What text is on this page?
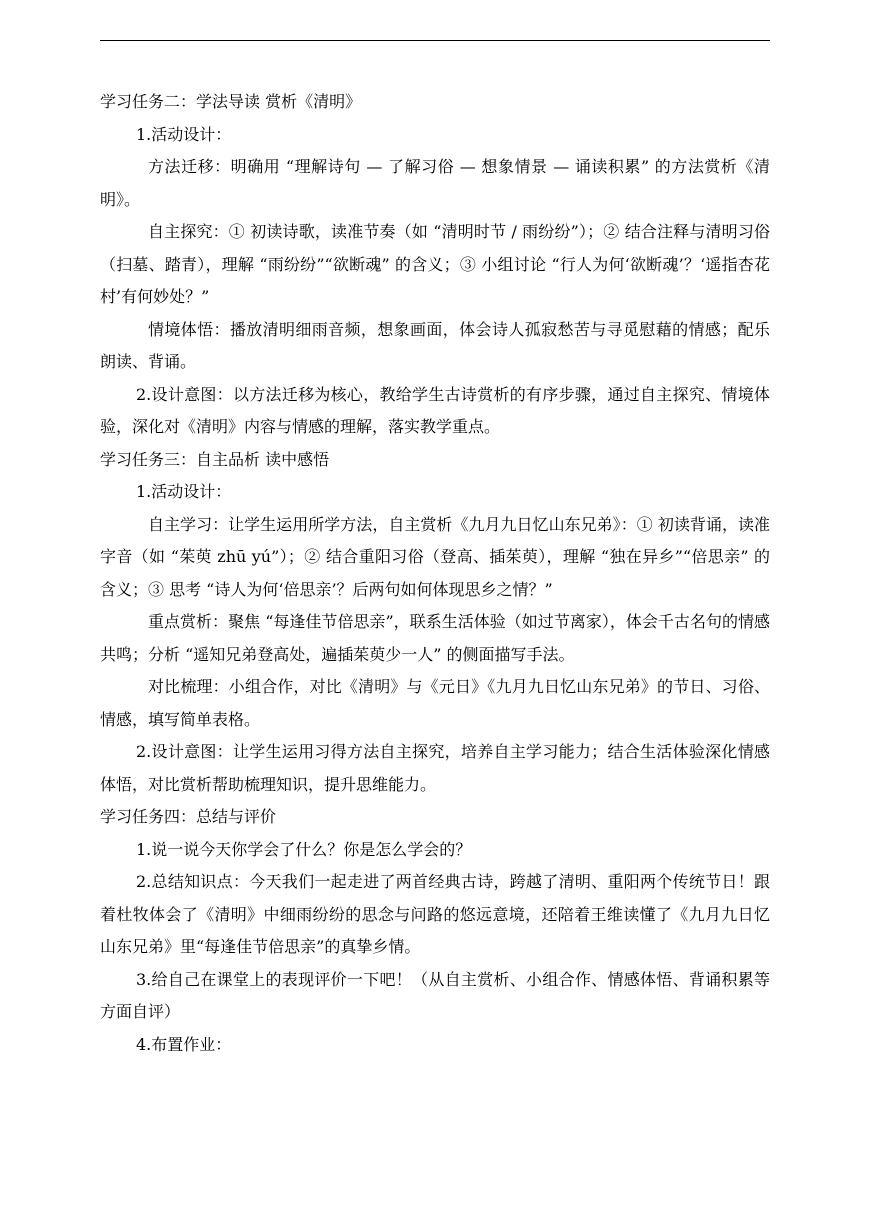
学习任务二：学法导读 赏析《清明》

1.活动设计：

方法迁移：明确用 “理解诗句 — 了解习俗 — 想象情景 — 诵读积累” 的方法赏析《清明》。

自主探究：① 初读诗歌，读准节奏（如 “清明时节 / 雨纷纷”）；② 结合注释与清明习俗（扫墓、踏青），理解 “雨纷纷”“欲断魂” 的含义；③ 小组讨论 “行人为何‘欲断魂’？‘遥指杏花村’有何妙处？”

情境体悟：播放清明细雨音频，想象画面，体会诗人孤寂愁苦与寻觅慰藉的情感；配乐朗读、背诵。

2.设计意图：以方法迁移为核心，教给学生古诗赏析的有序步骤，通过自主探究、情境体验，深化对《清明》内容与情感的理解，落实教学重点。

学习任务三：自主品析 读中感悟

1.活动设计：

自主学习：让学生运用所学方法，自主赏析《九月九日忆山东兄弟》：① 初读背诵，读准字音（如 “茱萸 zhū yú”）；② 结合重阳习俗（登高、插茱萸），理解 “独在异乡”“倍思亲” 的含义；③ 思考 “诗人为何‘倍思亲’？后两句如何体现思乡之情？”

重点赏析：聚焦 “每逢佳节倍思亲”，联系生活体验（如过节离家），体会千古名句的情感共鸣；分析 “遥知兄弟登高处，遍插茱萸少一人” 的侧面描写手法。

对比梳理：小组合作，对比《清明》与《元日》《九月九日忆山东兄弟》的节日、习俗、情感，填写简单表格。

2.设计意图：让学生运用习得方法自主探究，培养自主学习能力；结合生活体验深化情感体悟，对比赏析帮助梳理知识，提升思维能力。

学习任务四：总结与评价

1.说一说今天你学会了什么？你是怎么学会的？

2.总结知识点：今天我们一起走进了两首经典古诗，跨越了清明、重阳两个传统节日！跟着杜牧体会了《清明》中细雨纷纷的思念与问路的悠远意境，还陪着王维读懂了《九月九日忆山东兄弟》里“每逢佳节倍思亲”的真挚乡情。

3.给自己在课堂上的表现评价一下吧！（从自主赏析、小组合作、情感体悟、背诵积累等方面自评）

4.布置作业：
